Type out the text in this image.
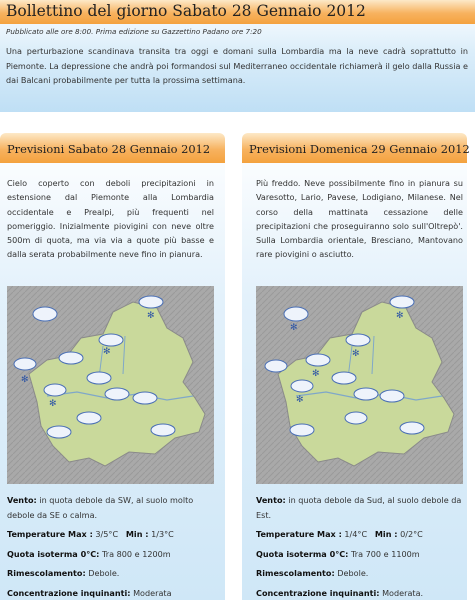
Bollettino del giorno Sabato 28 Gennaio 2012
Pubblicato alle ore 8:00. Prima edizione su Gazzettino Padano ore 7:20
Una perturbazione scandinava transita tra oggi e domani sulla Lombardia ma la neve cadrà soprattutto in Piemonte. La depressione che andrà poi formandosi sul Mediterraneo occidentale richiamerà il gelo dalla Russia e dai Balcani probabilmente per tutta la prossima settimana.
Previsioni Sabato 28 Gennaio 2012
Cielo coperto con deboli precipitazioni in estensione dal Piemonte alla Lombardia occidentale e Prealpi, più frequenti nel pomeriggio. Inizialmente piovigini con neve oltre 500m di quota, ma via via a quote più basse e dalla serata probabilmente neve fino in pianura.
✻
✻
✻
✻
Vento: in quota debole da SW, al suolo molto debole da SE o calma.
Temperature Max : 3/5°C Min : 1/3°C
Quota isoterma 0°C: Tra 800 e 1200m
Rimescolamento: Debole.
Concentrazione inquinanti: Moderata
Previsioni Domenica 29 Gennaio 2012
Più freddo. Neve possibilmente fino in pianura su Varesotto, Lario, Pavese, Lodigiano, Milanese. Nel corso della mattinata cessazione delle precipitazioni che proseguiranno solo sull'Oltrepò'. Sulla Lombardia orientale, Bresciano, Mantovano rare piovigini o asciutto.
✻
✻
✻
✻
✻
Vento: in quota debole da Sud, al suolo debole da Est.
Temperature Max : 1/4°C Min : 0/2°C
Quota isoterma 0°C: Tra 700 e 1100m
Rimescolamento: Debole.
Concentrazione inquinanti: Moderata.
